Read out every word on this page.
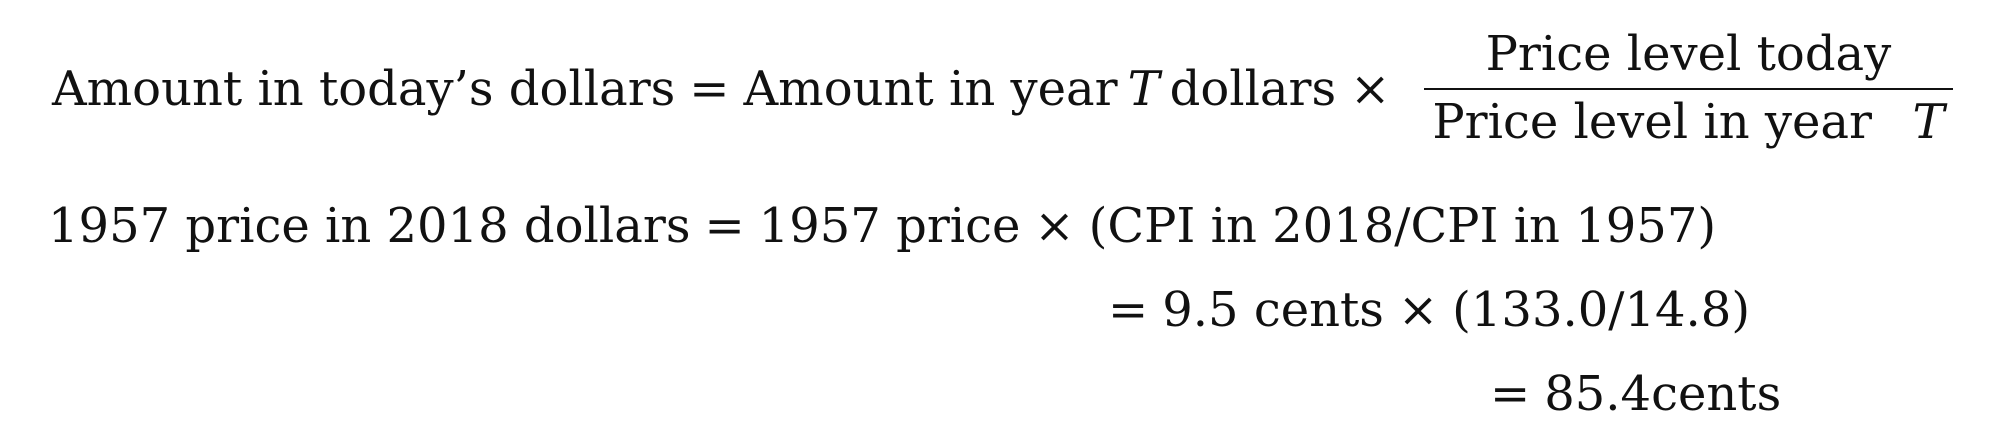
Amount in today’s dollars = Amount in year T dollars × $\frac{\text{Price level today}}{\text{Price level in year T}}$
1957 price in 2018 dollars = 1957 price × (CPI in 2018/CPI in 1957)
= 9.5 cents × (133.0/14.8)
= 85.4cents
